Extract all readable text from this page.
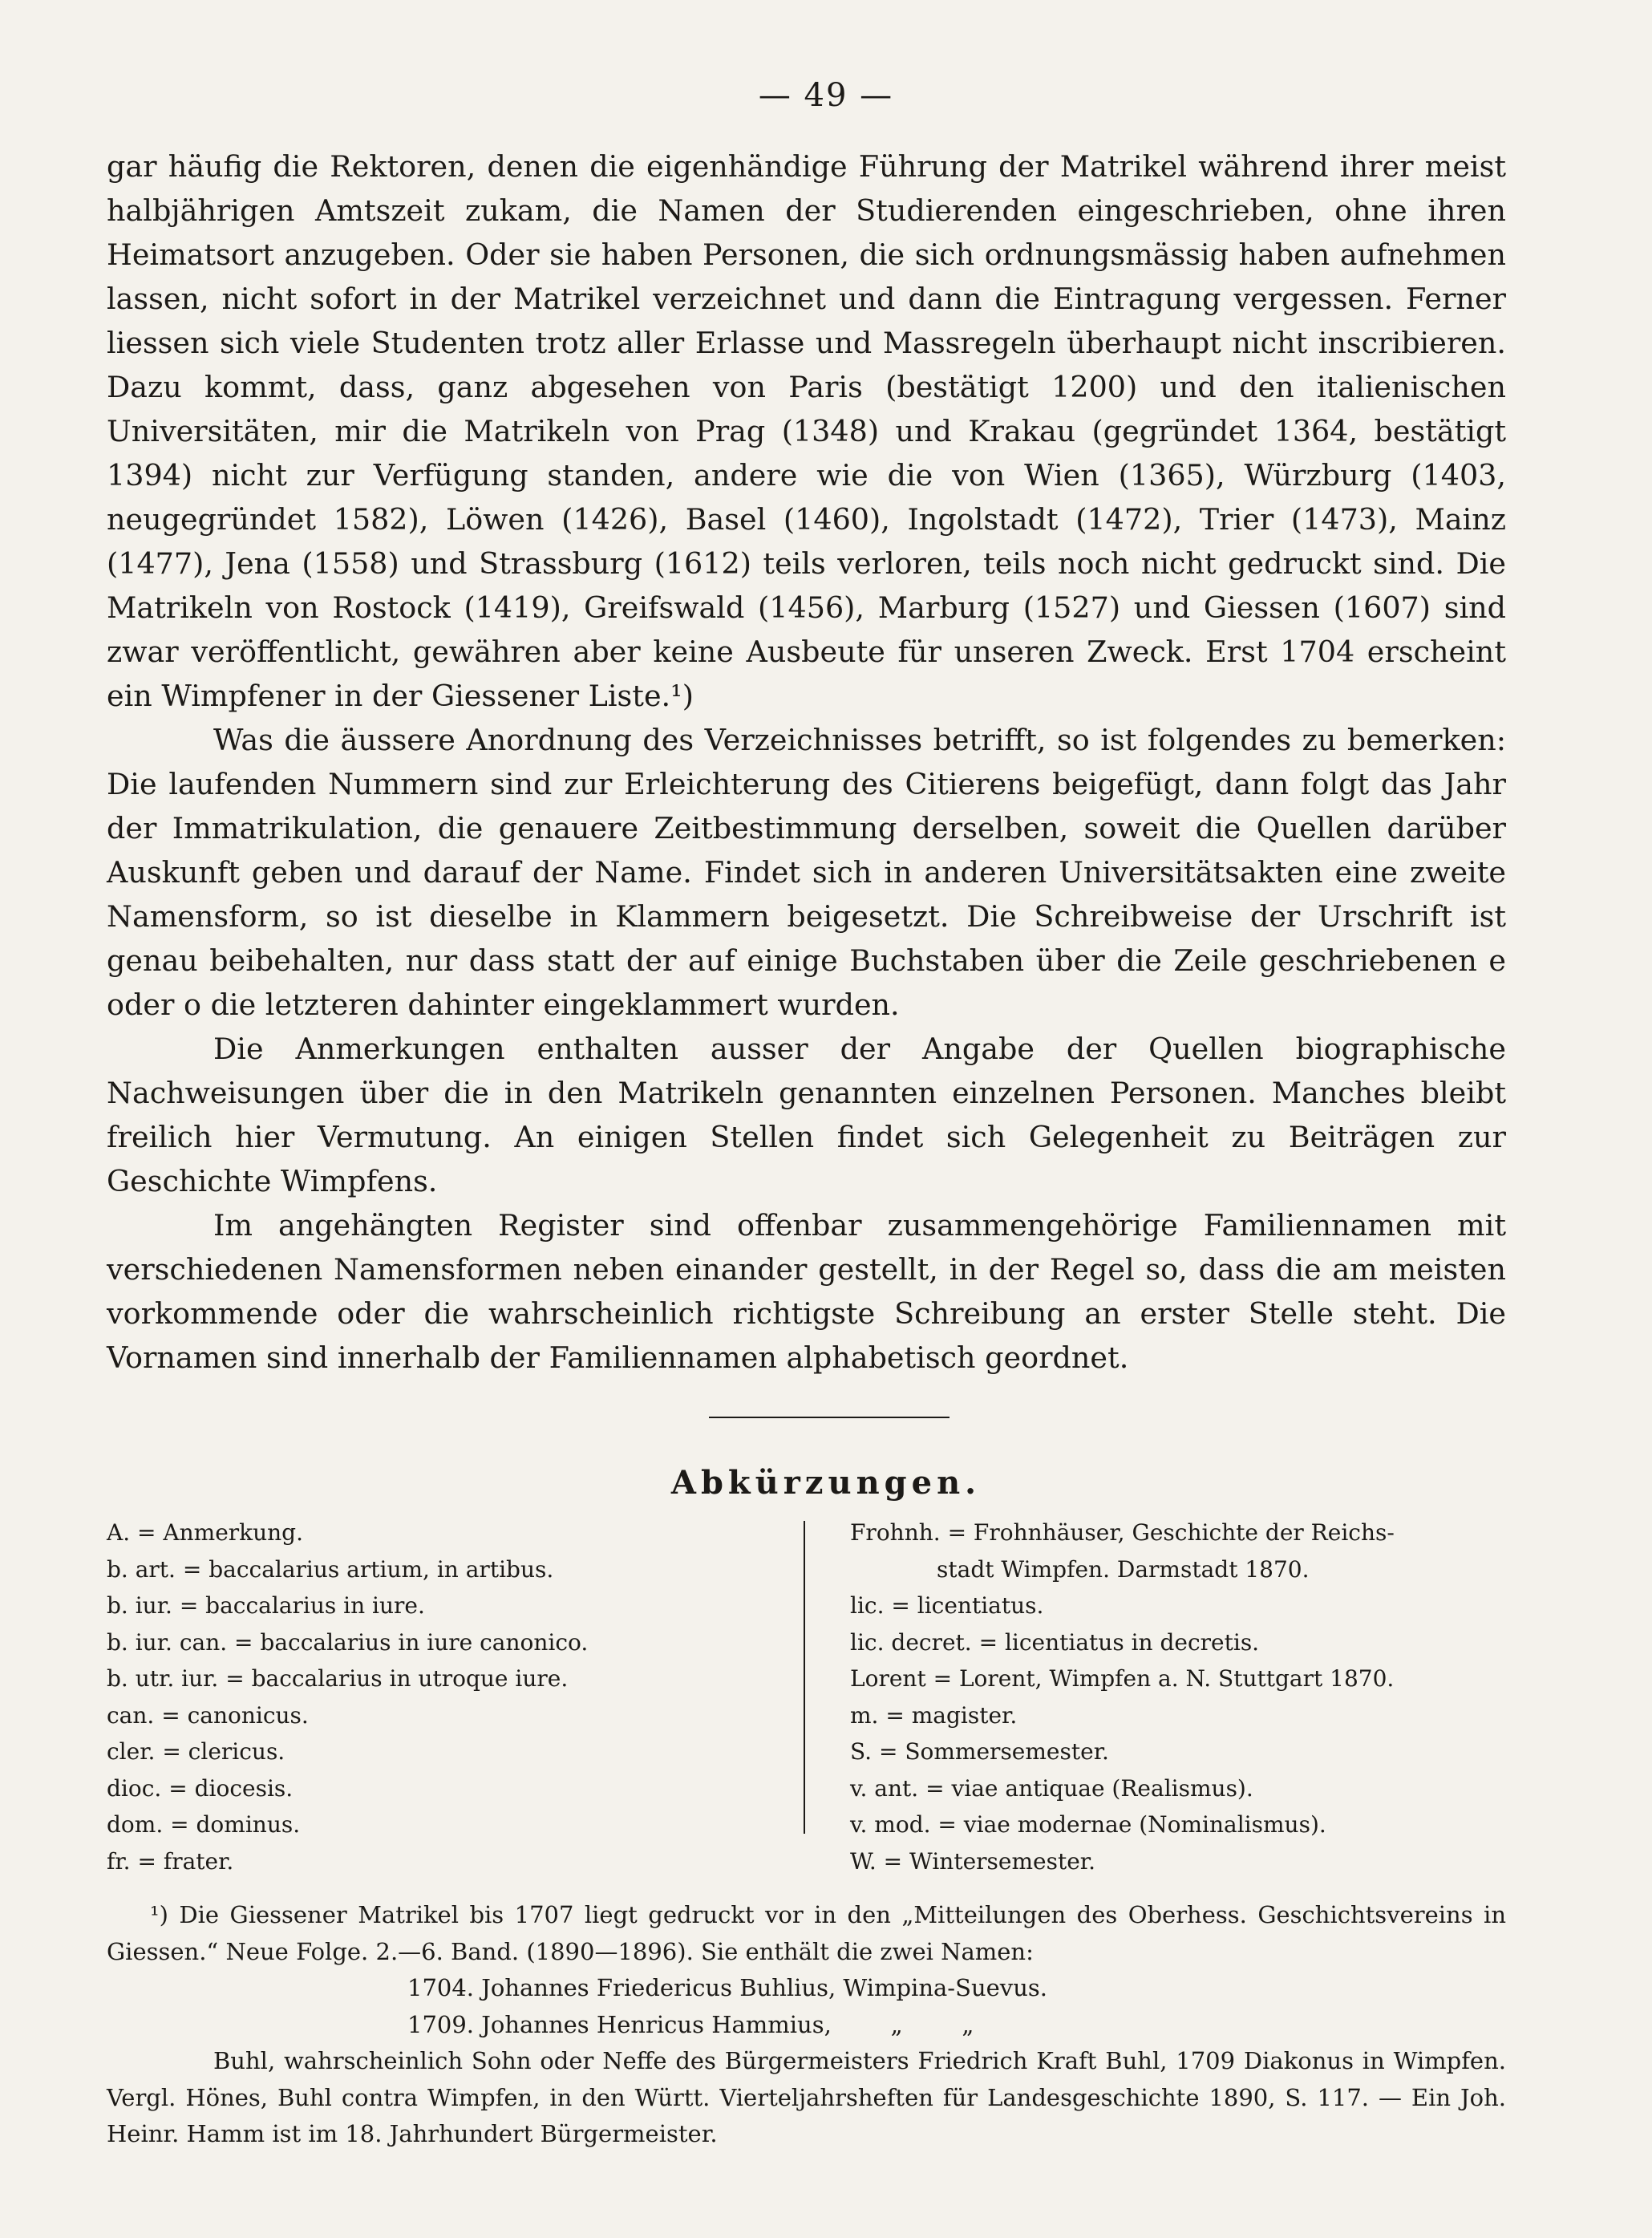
— 49 —

gar häufig die Rektoren, denen die eigenhändige Führung der Matrikel während ihrer meist halbjährigen Amtszeit zukam, die Namen der Studierenden eingeschrieben, ohne ihren Heimatsort anzugeben. Oder sie haben Personen, die sich ordnungsmässig haben aufnehmen lassen, nicht sofort in der Matrikel verzeichnet und dann die Eintragung vergessen. Ferner liessen sich viele Studenten trotz aller Erlasse und Massregeln überhaupt nicht inscribieren. Dazu kommt, dass, ganz abgesehen von Paris (bestätigt 1200) und den italienischen Universitäten, mir die Matrikeln von Prag (1348) und Krakau (gegründet 1364, bestätigt 1394) nicht zur Verfügung standen, andere wie die von Wien (1365), Würzburg (1403, neugegründet 1582), Löwen (1426), Basel (1460), Ingolstadt (1472), Trier (1473), Mainz (1477), Jena (1558) und Strassburg (1612) teils verloren, teils noch nicht gedruckt sind. Die Matrikeln von Rostock (1419), Greifswald (1456), Marburg (1527) und Giessen (1607) sind zwar veröffentlicht, gewähren aber keine Ausbeute für unseren Zweck. Erst 1704 erscheint ein Wimpfener in der Giessener Liste.¹)

Was die äussere Anordnung des Verzeichnisses betrifft, so ist folgendes zu bemerken: Die laufenden Nummern sind zur Erleichterung des Citierens beigefügt, dann folgt das Jahr der Immatrikulation, die genauere Zeitbestimmung derselben, soweit die Quellen darüber Auskunft geben und darauf der Name. Findet sich in anderen Universitätsakten eine zweite Namensform, so ist dieselbe in Klammern beigesetzt. Die Schreibweise der Urschrift ist genau beibehalten, nur dass statt der auf einige Buchstaben über die Zeile geschriebenen e oder o die letzteren dahinter eingeklammert wurden.

Die Anmerkungen enthalten ausser der Angabe der Quellen biographische Nachweisungen über die in den Matrikeln genannten einzelnen Personen. Manches bleibt freilich hier Vermutung. An einigen Stellen findet sich Gelegenheit zu Beiträgen zur Geschichte Wimpfens.

Im angehängten Register sind offenbar zusammengehörige Familiennamen mit verschiedenen Namensformen neben einander gestellt, in der Regel so, dass die am meisten vorkommende oder die wahrscheinlich richtigste Schreibung an erster Stelle steht. Die Vornamen sind innerhalb der Familiennamen alphabetisch geordnet.

Abkürzungen.
A. = Anmerkung.
b. art. = baccalarius artium, in artibus.
b. iur. = baccalarius in iure.
b. iur. can. = baccalarius in iure canonico.
b. utr. iur. = baccalarius in utroque iure.
can. = canonicus.
cler. = clericus.
dioc. = diocesis.
dom. = dominus.
fr. = frater.
Frohnh. = Frohnhäuser, Geschichte der Reichs-
stadt Wimpfen. Darmstadt 1870.
lic. = licentiatus.
lic. decret. = licentiatus in decretis.
Lorent = Lorent, Wimpfen a. N. Stuttgart 1870.
m. = magister.
S. = Sommersemester.
v. ant. = viae antiquae (Realismus).
v. mod. = viae modernae (Nominalismus).
W. = Wintersemester.

¹) Die Giessener Matrikel bis 1707 liegt gedruckt vor in den „Mitteilungen des Oberhess. Geschichtsvereins in Giessen.“ Neue Folge. 2.—6. Band. (1890—1896). Sie enthält die zwei Namen:

1704. Johannes Friedericus Buhlius, Wimpina-Suevus.

1709. Johannes Henricus Hammius,        „        „

Buhl, wahrscheinlich Sohn oder Neffe des Bürgermeisters Friedrich Kraft Buhl, 1709 Diakonus in Wimpfen. Vergl. Hönes, Buhl contra Wimpfen, in den Württ. Vierteljahrsheften für Landesgeschichte 1890, S. 117. — Ein Joh. Heinr. Hamm ist im 18. Jahrhundert Bürgermeister.
